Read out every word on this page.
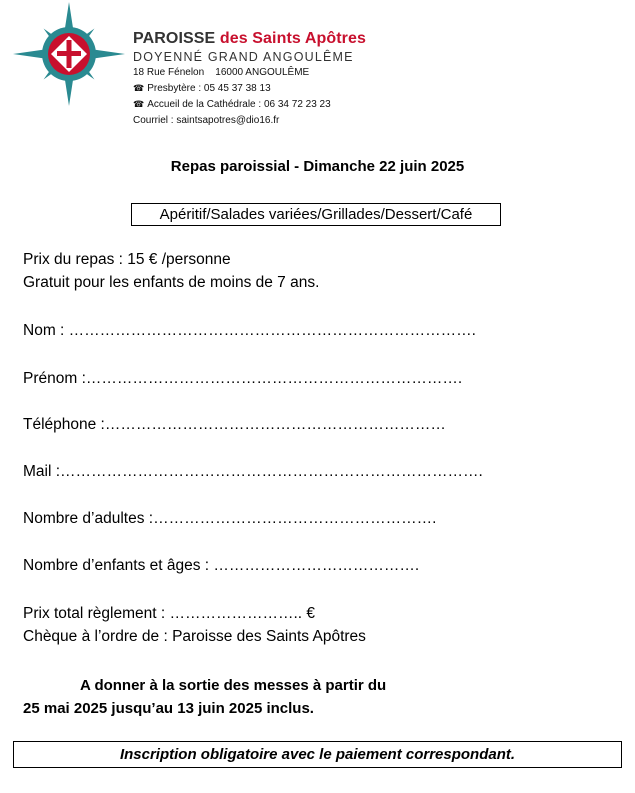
PAROISSE des Saints Apôtres
DOYENNÉ GRAND ANGOULÊME
18 Rue Fénelon    16000 ANGOULÊME
☎ Presbytère : 05 45 37 38 13
☎ Accueil de la Cathédrale : 06 34 72 23 23
Courriel : saintsapotres@dio16.fr
Repas paroissial - Dimanche 22 juin 2025
Apéritif/Salades variées/Grillades/Dessert/Café
Prix du repas : 15 € /personne
Gratuit pour les enfants de moins de 7 ans.
Nom : …………………………………………………………………….
Prénom :……………………………………………………………….
Téléphone :…………………………………………………………
Mail :……………………………………………………………………….
Nombre d’adultes :……………………………………………….
Nombre d’enfants et âges : ………………………………….
Prix total règlement : …………………….. €
Chèque à l’ordre de : Paroisse des Saints Apôtres
A donner à la sortie des messes à partir du
25 mai 2025 jusqu’au 13 juin 2025 inclus.
Inscription obligatoire avec le paiement correspondant.
